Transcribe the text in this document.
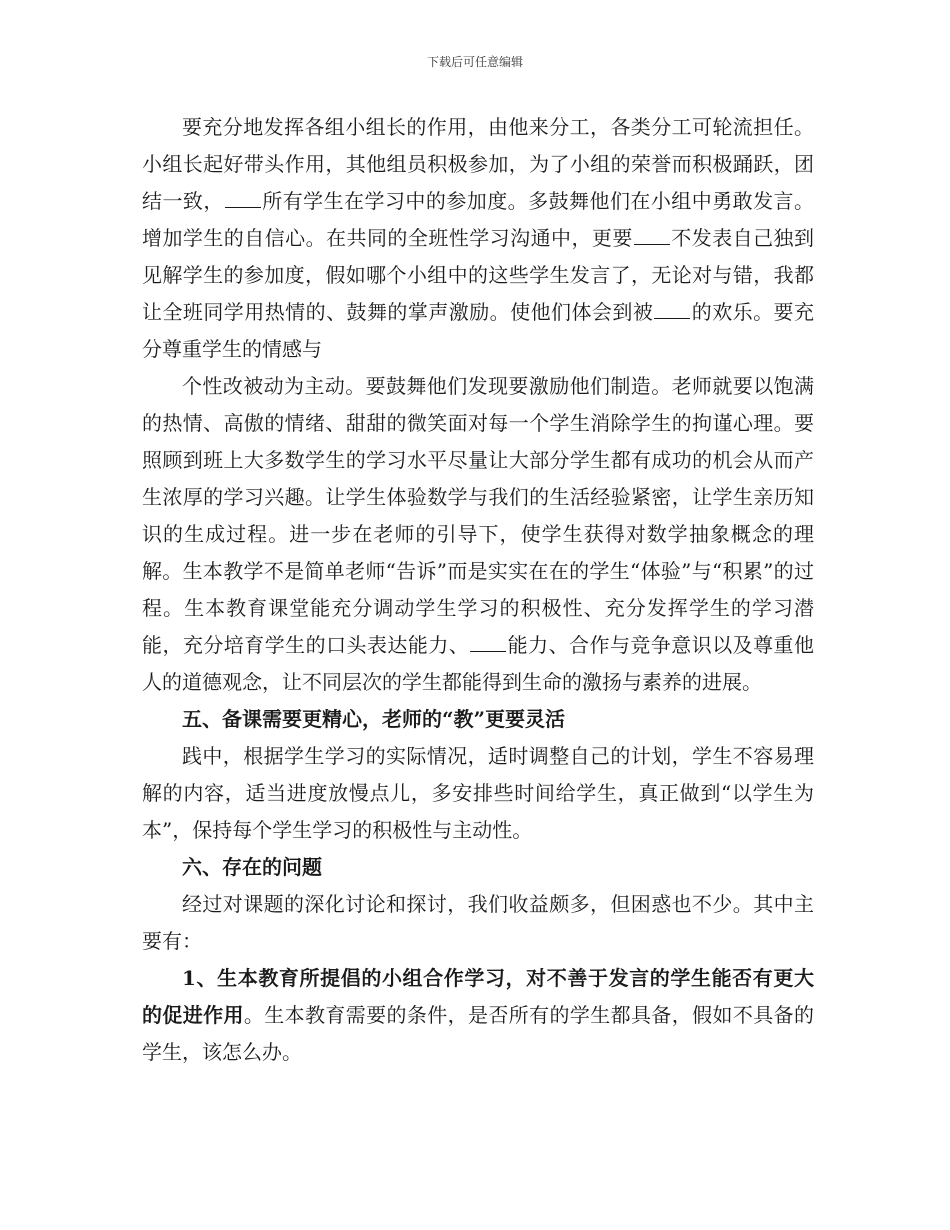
下载后可任意编辑

要充分地发挥各组小组长的作用，由他来分工，各类分工可轮流担任。小组长起好带头作用，其他组员积极参加，为了小组的荣誉而积极踊跃，团结一致， 所有学生在学习中的参加度。多鼓舞他们在小组中勇敢发言。增加学生的自信心。在共同的全班性学习沟通中，更要 不发表自己独到见解学生的参加度，假如哪个小组中的这些学生发言了，无论对与错，我都让全班同学用热情的、鼓舞的掌声激励。使他们体会到被 的欢乐。要充分尊重学生的情感与

个性改被动为主动。要鼓舞他们发现要激励他们制造。老师就要以饱满的热情、高傲的情绪、甜甜的微笑面对每一个学生消除学生的拘谨心理。要照顾到班上大多数学生的学习水平尽量让大部分学生都有成功的机会从而产生浓厚的学习兴趣。让学生体验数学与我们的生活经验紧密，让学生亲历知识的生成过程。进一步在老师的引导下，使学生获得对数学抽象概念的理解。生本教学不是简单老师“告诉”而是实实在在的学生“体验”与“积累”的过程。生本教育课堂能充分调动学生学习的积极性、充分发挥学生的学习潜能，充分培育学生的口头表达能力、 能力、合作与竞争意识以及尊重他人的道德观念，让不同层次的学生都能得到生命的激扬与素养的进展。

五、备课需要更精心，老师的“教”更要灵活

践中，根据学生学习的实际情况，适时调整自己的计划，学生不容易理解的内容，适当进度放慢点儿，多安排些时间给学生，真正做到“以学生为本”，保持每个学生学习的积极性与主动性。

六、存在的问题

经过对课题的深化讨论和探讨，我们收益颇多，但困惑也不少。其中主要有：

1、生本教育所提倡的小组合作学习，对不善于发言的学生能否有更大的促进作用。生本教育需要的条件，是否所有的学生都具备，假如不具备的学生，该怎么办。
